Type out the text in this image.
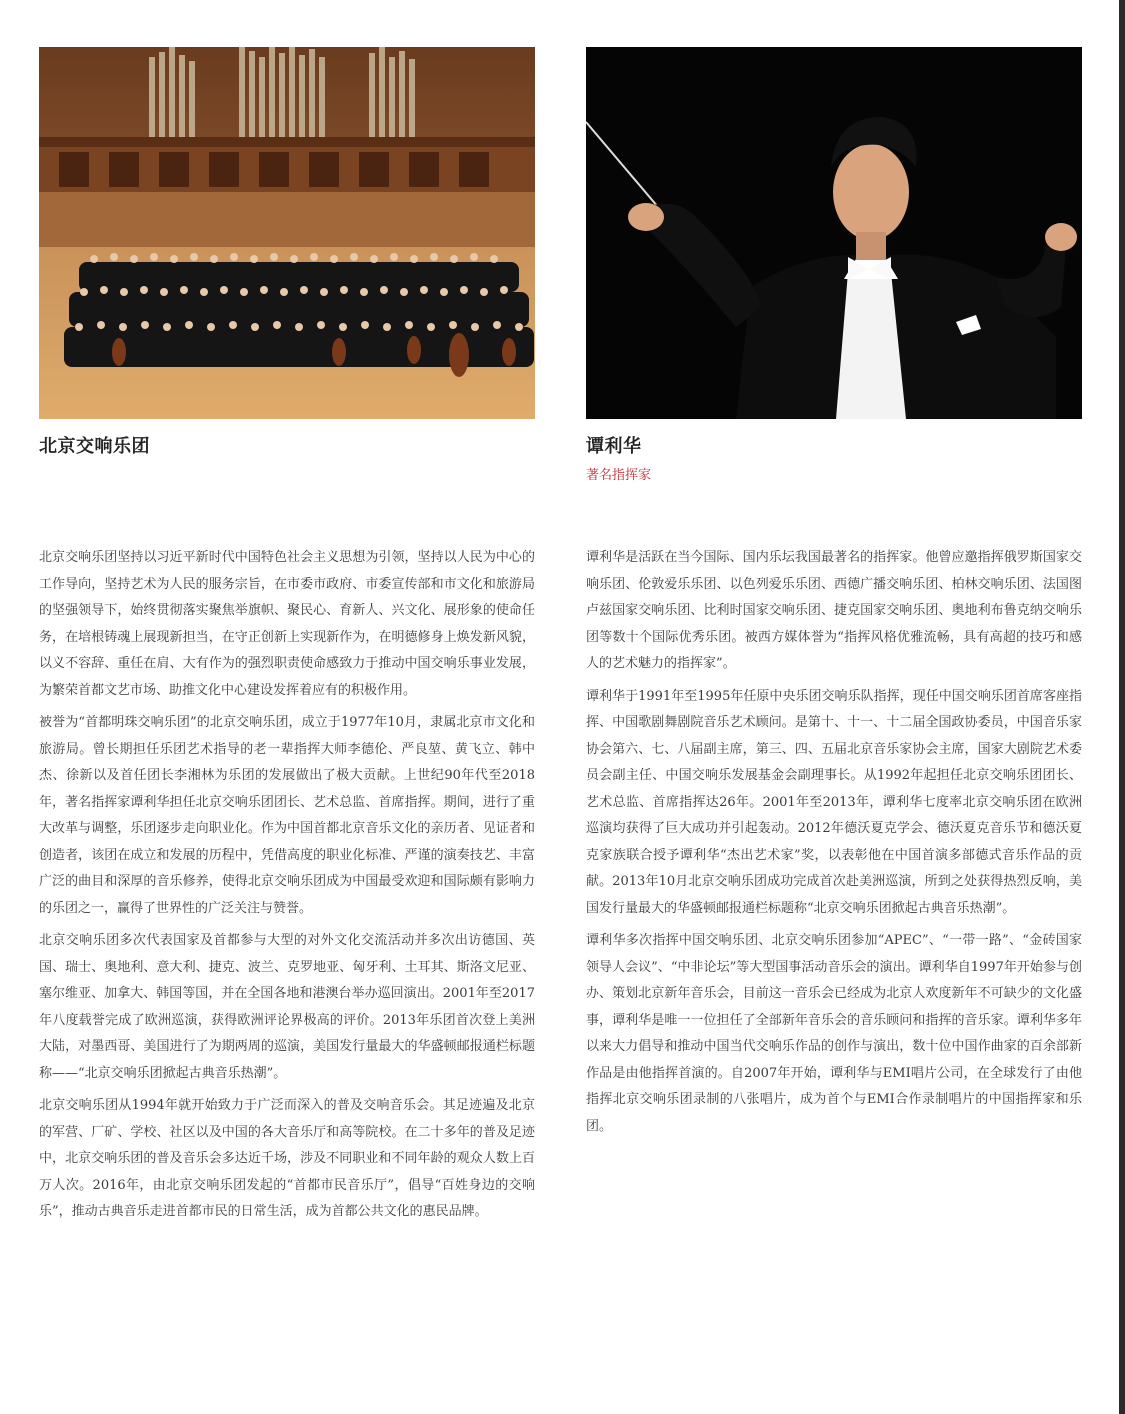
北京交响乐团	谭利华
著名指挥家

北京交响乐团坚持以习近平新时代中国特色社会主义思想为引领，坚持以人民为中心的工作导向，坚持艺术为人民的服务宗旨，在市委市政府、市委宣传部和市文化和旅游局的坚强领导下，始终贯彻落实聚焦举旗帜、聚民心、育新人、兴文化、展形象的使命任务，在培根铸魂上展现新担当，在守正创新上实现新作为，在明德修身上焕发新风貌，以义不容辞、重任在肩、大有作为的强烈职责使命感致力于推动中国交响乐事业发展，为繁荣首都文艺市场、助推文化中心建设发挥着应有的积极作用。

被誉为“首都明珠交响乐团”的北京交响乐团，成立于1977年10月，隶属北京市文化和旅游局。曾长期担任乐团艺术指导的老一辈指挥大师李德伦、严良堃、黄飞立、韩中杰、徐新以及首任团长李湘林为乐团的发展做出了极大贡献。上世纪90年代至2018年，著名指挥家谭利华担任北京交响乐团团长、艺术总监、首席指挥。期间，进行了重大改革与调整，乐团逐步走向职业化。作为中国首都北京音乐文化的亲历者、见证者和创造者，该团在成立和发展的历程中，凭借高度的职业化标准、严谨的演奏技艺、丰富广泛的曲目和深厚的音乐修养，使得北京交响乐团成为中国最受欢迎和国际颇有影响力的乐团之一，赢得了世界性的广泛关注与赞誉。

北京交响乐团多次代表国家及首都参与大型的对外文化交流活动并多次出访德国、英国、瑞士、奥地利、意大利、捷克、波兰、克罗地亚、匈牙利、土耳其、斯洛文尼亚、塞尔维亚、加拿大、韩国等国，并在全国各地和港澳台举办巡回演出。2001年至2017年八度载誉完成了欧洲巡演，获得欧洲评论界极高的评价。2013年乐团首次登上美洲大陆，对墨西哥、美国进行了为期两周的巡演，美国发行量最大的华盛顿邮报通栏标题称——“北京交响乐团掀起古典音乐热潮”。

北京交响乐团从1994年就开始致力于广泛而深入的普及交响音乐会。其足迹遍及北京的军营、厂矿、学校、社区以及中国的各大音乐厅和高等院校。在二十多年的普及足迹中，北京交响乐团的普及音乐会多达近千场，涉及不同职业和不同年龄的观众人数上百万人次。2016年，由北京交响乐团发起的“首都市民音乐厅”，倡导“百姓身边的交响乐”，推动古典音乐走进首都市民的日常生活，成为首都公共文化的惠民品牌。

谭利华是活跃在当今国际、国内乐坛我国最著名的指挥家。他曾应邀指挥俄罗斯国家交响乐团、伦敦爱乐乐团、以色列爱乐乐团、西德广播交响乐团、柏林交响乐团、法国图卢兹国家交响乐团、比利时国家交响乐团、捷克国家交响乐团、奥地利布鲁克纳交响乐团等数十个国际优秀乐团。被西方媒体誉为“指挥风格优雅流畅，具有高超的技巧和感人的艺术魅力的指挥家”。

谭利华于1991年至1995年任原中央乐团交响乐队指挥，现任中国交响乐团首席客座指挥、中国歌剧舞剧院音乐艺术顾问。是第十、十一、十二届全国政协委员，中国音乐家协会第六、七、八届副主席，第三、四、五届北京音乐家协会主席，国家大剧院艺术委员会副主任、中国交响乐发展基金会副理事长。从1992年起担任北京交响乐团团长、艺术总监、首席指挥达26年。2001年至2013年，谭利华七度率北京交响乐团在欧洲巡演均获得了巨大成功并引起轰动。2012年德沃夏克学会、德沃夏克音乐节和德沃夏克家族联合授予谭利华“杰出艺术家”奖，以表彰他在中国首演多部德式音乐作品的贡献。2013年10月北京交响乐团成功完成首次赴美洲巡演，所到之处获得热烈反响，美国发行量最大的华盛顿邮报通栏标题称“北京交响乐团掀起古典音乐热潮”。

谭利华多次指挥中国交响乐团、北京交响乐团参加“APEC”、“一带一路”、“金砖国家领导人会议”、“中非论坛”等大型国事活动音乐会的演出。谭利华自1997年开始参与创办、策划北京新年音乐会，目前这一音乐会已经成为北京人欢度新年不可缺少的文化盛事，谭利华是唯一一位担任了全部新年音乐会的音乐顾问和指挥的音乐家。谭利华多年以来大力倡导和推动中国当代交响乐作品的创作与演出，数十位中国作曲家的百余部新作品是由他指挥首演的。自2007年开始，谭利华与EMI唱片公司，在全球发行了由他指挥北京交响乐团录制的八张唱片，成为首个与EMI合作录制唱片的中国指挥家和乐团。
